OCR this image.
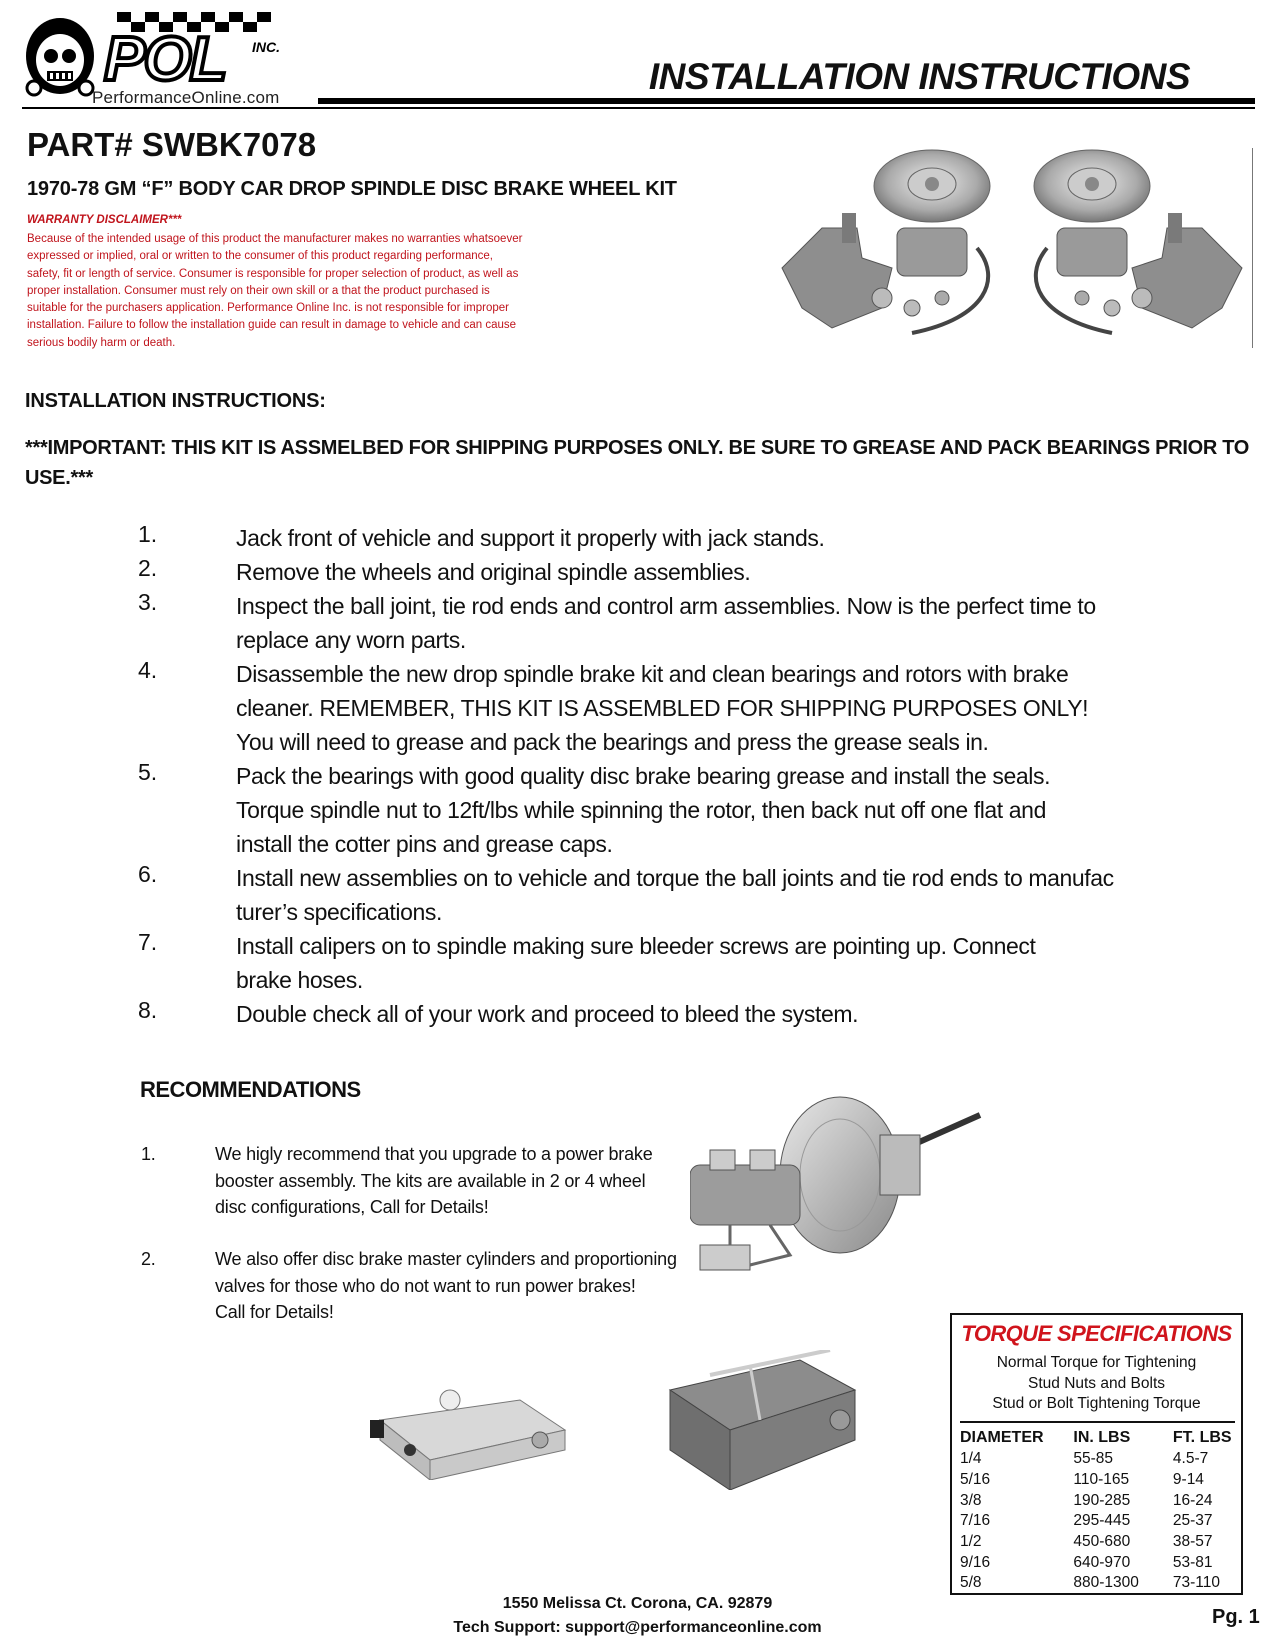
POL INC.
PerformanceOnline.com
INSTALLATION INSTRUCTIONS
PART# SWBK7078
1970-78 GM “F” BODY CAR DROP SPINDLE DISC BRAKE WHEEL KIT
WARRANTY DISCLAIMER***
Because of the intended usage of this product the manufacturer makes no warranties whatsoever expressed or implied, oral or written to the consumer of this product regarding performance, safety, fit or length of service. Consumer is responsible for proper selection of product, as well as proper installation. Consumer must rely on their own skill or a that the product purchased is suitable for the purchasers application. Performance Online Inc. is not responsible for improper installation. Failure to follow the installation guide can result in damage to vehicle and can cause serious bodily harm or death.
INSTALLATION INSTRUCTIONS:
***IMPORTANT: THIS KIT IS ASSMELBED FOR SHIPPING PURPOSES ONLY. BE SURE TO GREASE AND PACK BEARINGS PRIOR TO USE.***
1.	Jack front of vehicle and support it properly with jack stands.
2.	Remove the wheels and original spindle assemblies.
3.	Inspect the ball joint, tie rod ends and control arm assemblies. Now is the perfect time to
replace any worn parts.
4.	Disassemble the new drop spindle brake kit and clean bearings and rotors with brake
cleaner. REMEMBER, THIS KIT IS ASSEMBLED FOR SHIPPING PURPOSES ONLY!
You will need to grease and pack the bearings and press the grease seals in.
5.	Pack the bearings with good quality disc brake bearing grease and install the seals.
Torque spindle nut to 12ft/lbs while spinning the rotor, then back nut off one flat and
install the cotter pins and grease caps.
6.	Install new assemblies on to vehicle and torque the ball joints and tie rod ends to manufac
turer’s specifications.
7.	Install calipers on to spindle making sure bleeder screws are pointing up. Connect
brake hoses.
8.	Double check all of your work and proceed to bleed the system.
RECOMMENDATIONS
1.	We higly recommend that you upgrade to a power brake
booster assembly. The kits are available in 2 or 4 wheel
disc configurations, Call for Details!
2.	We also offer disc brake master cylinders and proportioning
valves for those who do not want to run power brakes!
Call for Details!
TORQUE SPECIFICATIONS
Normal Torque for Tightening
Stud Nuts and Bolts
Stud or Bolt Tightening Torque
DIAMETER	IN. LBS	FT. LBS
1/4	55-85	4.5-7
5/16	110-165	9-14
3/8	190-285	16-24
7/16	295-445	25-37
1/2	450-680	38-57
9/16	640-970	53-81
5/8	880-1300	73-110
1550 Melissa Ct. Corona, CA. 92879
Tech Support: support@performanceonline.com	Pg. 1
